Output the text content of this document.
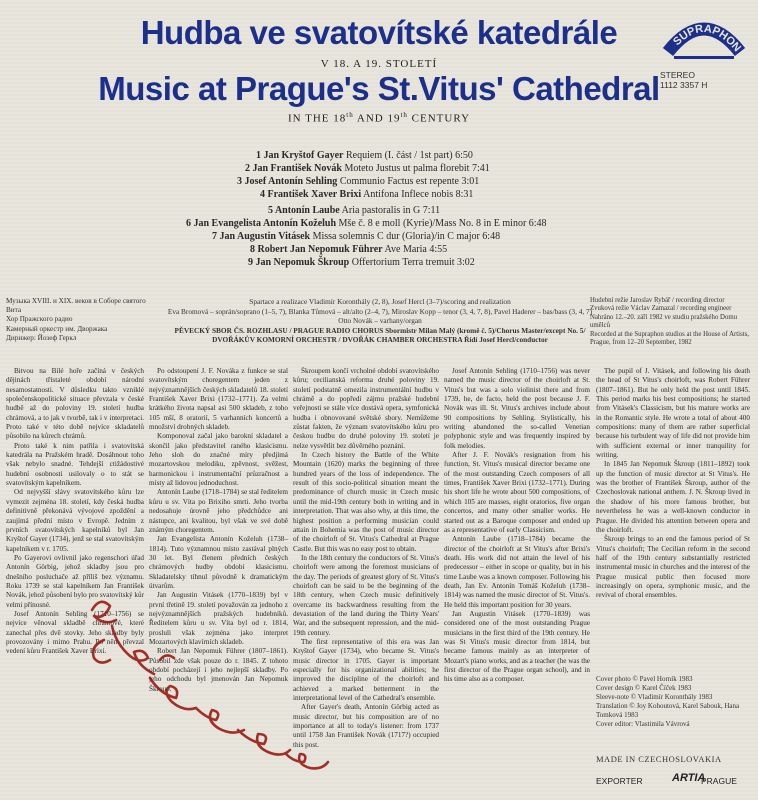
Hudba ve svatovítské katedrále
V 18. A 19. STOLETÍ
Music at Prague's St.Vitus' Cathedral
IN THE 18th AND 19th CENTURY
SUPRAPHON
STEREO
1112 3357 H
1 Jan Kryštof Gayer Requiem (I. část / 1st part) 6:50
2 Jan František Novák Moteto Justus ut palma florebit 7:41
3 Josef Antonín Sehling Communio Factus est repente 3:01
4 František Xaver Brixi Antifona Inflece nobis 8:31
5 Antonín Laube Aria pastoralis in G 7:11
6 Jan Evangelista Antonín Koželuh Mše č. 8 e moll (Kyrie)/Mass No. 8 in E minor 6:48
7 Jan Augustin Vitásek Missa solemnis C dur (Gloria)/in C major 6:48
8 Robert Jan Nepomuk Führer Ave Maria 4:55
9 Jan Nepomuk Škroup Offertorium Terra tremuit 3:02
Музыка XVIII. и XIX. веков в Соборе святого Вита
Хор Пражского радио
Камерный оркестр им. Дворжака
Дирижер: Йозеф Геркл
Spartace a realizace Vladimír Koronthály (2, 8), Josef Hercl (3–7)/scoring and realization
Eva Bromová – soprán/soprano (1–5, 7), Blanka Tůmová – alt/alto (2–4, 7), Miroslav Kopp – tenor (3, 4, 7, 8), Pavel Haderer – bas/bass (3, 4, 7)
Otto Novák – varhany/organ
PĚVECKÝ SBOR ČS. ROZHLASU / PRAGUE RADIO CHORUS Sbormistr Milan Malý (kromě č. 5)/Chorus Master/except No. 5/
DVOŘÁKŮV KOMORNÍ ORCHESTR / DVOŘÁK CHAMBER ORCHESTRA Řídí Josef Hercl/conductor
Hudební režie Jaroslav Rybář / recording director
Zvuková režie Václav Zamazal / recording engineer
Nahráno 12.–20. září 1982 ve studiu pražského Domu umělců
Recorded at the Supraphon studios at the House of Artists, Prague, from 12–20 September, 1982

Bitvou na Bílé hoře začíná v českých dějinách třístaleté období národní nesamostatnosti. V důsledku takto vzniklé společenskopolitické situace převzala v české hudbě až do poloviny 19. století hudba chrámová, a to jak v tvorbě, tak i v interpretaci. Proto také v této době nejvíce skladatelů působilo na kůrech chrámů.

Proto také k nim patřila i svatovítská katedrála na Pražském hradě. Dosáhnout toho však nebylo snadné. Tehdejší ctižádostivé hudební osobnosti usilovaly o to stát se svatovítským kapelníkem.

Od nejvyšší slávy svatovítského kůru lze vymezit zejména 18. století, kdy česká hudba definitivně překonává vývojové zpoždění a zaujímá přední místo v Evropě. Jedním z prvních svatovítských kapelníků byl Jan Kryštof Gayer (1734), jenž se stal svatovítským kapelníkem v r. 1705.

Po Gayerovi ovlivnil jako regenschori úřad Antonín Görbig, jehož skladby jsou pro dnešního posluchače až příliš bez významu. Roku 1739 se stal kapelníkem Jan František Novák, jehož působení bylo pro svatovítský kůr velmi přínosné.

Josef Antonín Sehling (1710–1756) se nejvíce věnoval skladbě chrámové, které zanechal přes dvě stovky. Jeho skladby byly provozovány i mimo Prahu. Po něm převzal vedení kůru František Xaver Brixi.

Po odstoupení J. F. Nováka z funkce se stal svatovítským choregentem jeden z nejvýznamnějších českých skladatelů 18. století František Xaver Brixi (1732–1771). Za velmi krátkého života napsal asi 500 skladeb, z toho 105 mší, 8 oratorií, 5 varhanních koncertů a množství drobných skladeb.

Komponoval začal jako barokní skladatel a skončil jako představitel raného klasicismu. Jeho sloh do značné míry předjímá mozartovskou melodiku, zpěvnost, svěžest, harmonickou i instrumentační průzračnost a místy až lidovou jednoduchost.

Antonín Laube (1718–1784) se stal ředitelem kůru u sv. Víta po Brixiho smrti. Jeho tvorba nedosahuje úrovně jeho předchůdce ani nástupce, ani kvalitou, byl však ve své době známým choregentem.

Jan Evangelista Antonín Koželuh (1738–1814). Tuto významnou místo zastával plných 30 let. Byl členem předních českých chrámových hudby období klasicismu. Skladatelsky tíhnul původně k dramatickým útvarům.

Jan Augustin Vitásek (1770–1839) byl v první třetině 19. století považován za jednoho z nejvýznamnějších pražských hudebníků. Ředitelem kůru u sv. Víta byl od r. 1814, prosluli však zejména jako interpret Mozartových klavírních skladeb.

Robert Jan Nepomuk Führer (1807–1861). Působil zde však pouze do r. 1845. Z tohoto období pocházejí i jeho nejlepší skladby. Po jeho odchodu byl jmenován Jan Nepomuk Škroup.

Škroupem končí vrcholné období svatovítského kůru; cecilianská reforma druhé poloviny 19. století podstatně omezila instrumentální hudbu v chrámě a do popředí zájmu pražské hudební veřejnosti se stále více dostává opera, symfonická hudba i obnovované světské sbory. Nemůžeme zůstat fakten, že význam svatovítského kůru pro českou hudbu do druhé poloviny 19. století je nelze vysvětlit bez důvěrného poznání.

In Czech history the Battle of the White Mountain (1620) marks the beginning of three hundred years of the loss of independence. The result of this socio-political situation meant the predominance of church music in Czech music until the mid-19th century both in writing and in interpretation. That was also why, at this time, the highest position a performing musician could attain in Bohemia was the post of music director of the choirloft of St. Vitus's Cathedral at Prague Castle. But this was no easy post to obtain.

In the 18th century the conductors of St. Vitus's choirloft were among the foremost musicians of the day. The periods of greatest glory of St. Vitus's choirloft can be said to be the beginning of the 18th century, when Czech music definitively overcame its backwardness resulting from the devastation of the land during the Thirty Years' War, and the subsequent repression, and the mid-19th century.

The first representative of this era was Jan Kryštof Gayer (1734), who became St. Vitus's music director in 1705. Gayer is important especially for his organizational abilities; he improved the discipline of the choirloft and achieved a marked betterment in the interpretational level of the Cathedral's ensemble.

After Gayer's death, Antonín Görbig acted as music director, but his composition are of no importance at all to today's listener: from 1737 until 1758 Jan František Novák (1717?) occupied this post.

Josef Antonín Sehling (1710–1756) was never named the music director of the choirloft at St. Vitus's but was a solo violinist there and from 1739, he, de facto, held the post because J. F. Novák was ill. St. Vitus's archives include about 90 compositions by Sehling. Stylistically, his writing abandoned the so-called Venetian polyphonic style and was frequently inspired by folk melodies.

After J. F. Novák's resignation from his function, St. Vitus's musical director became one of the most outstanding Czech composers of all times, František Xaver Brixi (1732–1771). During his short life he wrote about 500 compositions, of which 105 are masses, eight oratorios, five organ concertos, and many other smaller works. He started out as a Baroque composer and ended up as a representative of early Classicism.

Antonín Laube (1718–1784) became the director of the choirloft at St Vitus's after Brixi's death. His work did not attain the level of his predecessor – either in scope or quality, but in his time Laube was a known composer. Following his death, Jan Ev. Antonín Tomáš Koželuh (1738–1814) was named the music director of St. Vitus's. He held this important position for 30 years.

Jan Augustin Vitásek (1770–1839) was considered one of the most outstanding Prague musicians in the first third of the 19th century. He was St Vitus's music director from 1814, but became famous mainly as an interpreter of Mozart's piano works, and as a teacher (he was the first director of the Prague organ school), and in his time also as a composer.

The pupil of J. Vitásek, and following his death the head of St Vitus's choirloft, was Robert Führer (1807–1861). But he only held the post until 1845. This period marks his best compositions; he started from Vitásek's Classicism, but his mature works are in the Romantic style. He wrote a total of about 400 compositions: many of them are rather superficial because his turbulent way of life did not provide him with sufficient external or inner tranquility for writing.

In 1845 Jan Nepomuk Škroup (1811–1892) took up the function of music director at St Vitus's. He was the brother of František Škroup, author of the Czechoslovak national anthem. J. N. Škroup lived in the shadow of his more famous brother, but nevertheless he was a well-known conductor in Prague. He divided his attention between opera and the choirloft.

Škroup brings to an end the famous period of St Vitus's choirloft; The Cecilian reform in the second half of the 19th century substantially restricted instrumental music in churches and the interest of the Prague musical public then focused more increasingly on opera, symphonic music, and the revival of choral ensembles.

Cover photo © Pavel Horník 1983
Cover design © Karel Číček 1983
Sleeve-note © Vladimír Koronthály 1983
Translation © Joy Kohoutová, Karel Sabouk, Hana Tomková 1983
Cover editor: Vlastimila Vávrová
MADE IN CZECHOSLOVAKIA
EXPORTER	ARTIA
PRAGUE
